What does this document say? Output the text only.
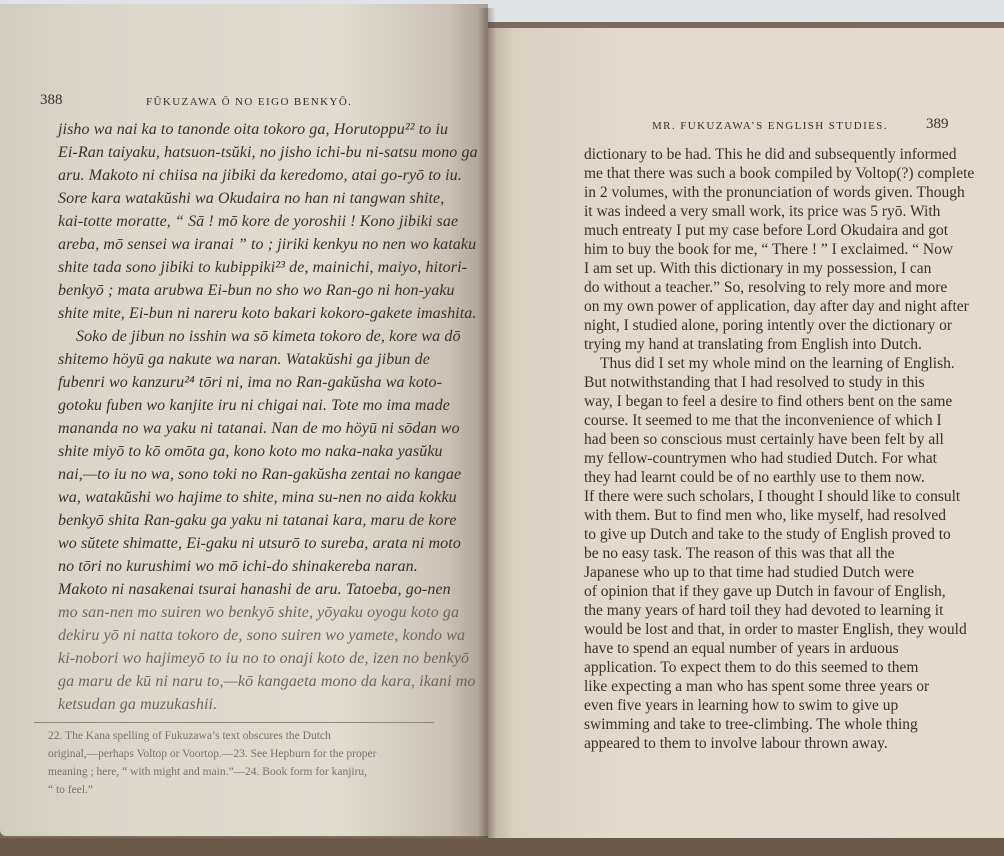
388	FŪKUZAWA Ō NO EIGO BENKYŌ.
jisho wa nai ka to tanonde oita tokoro ga, Horutoppu²² to iu
Ei-Ran taiyaku, hatsuon-tsŭki, no jisho ichi-bu ni-satsu mono ga
aru. Makoto ni chiisa na jibiki da keredomo, atai go-ryō to iu.
Sore kara watakŭshi wa Okudaira no han ni tangwan shite,
kai-totte moratte, “ Sā ! mō kore de yoroshii ! Kono jibiki sae
areba, mō sensei wa iranai ” to ; jiriki kenkyu no nen wo kataku
shite tada sono jibiki to kubippiki²³ de, mainichi, maiyo, hitori-
benkyō ; mata arubwa Ei-bun no sho wo Ran-go ni hon-yaku
shite mite, Ei-bun ni nareru koto bakari kokoro-gakete imashita.
Soko de jibun no isshin wa sō kimeta tokoro de, kore wa dō
shitemo höyū ga nakute wa naran. Watakŭshi ga jibun de
fubenri wo kanzuru²⁴ tōri ni, ima no Ran-gakŭsha wa koto-
gotoku fuben wo kanjite iru ni chigai nai. Tote mo ima made
mananda no wa yaku ni tatanai. Nan de mo höyū ni sōdan wo
shite miyō to kō omōta ga, kono koto mo naka-naka yasŭku
nai,—to iu no wa, sono toki no Ran-gakŭsha zentai no kangae
wa, watakŭshi wo hajime to shite, mina su-nen no aida kokku
benkyō shita Ran-gaku ga yaku ni tatanai kara, maru de kore
wo sŭtete shimatte, Ei-gaku ni utsurō to sureba, arata ni moto
no tōri no kurushimi wo mō ichi-do shinakereba naran.
Makoto ni nasakenai tsurai hanashi de aru. Tatoeba, go-nen
mo san-nen mo suiren wo benkyō shite, yōyaku oyogu koto ga
dekiru yō ni natta tokoro de, sono suiren wo yamete, kondo wa
ki-nobori wo hajimeyō to iu no to onaji koto de, izen no benkyō
ga maru de kū ni naru to,—kō kangaeta mono da kara, ikani mo
ketsudan ga muzukashii.
22. The Kana spelling of Fukuzawa’s text obscures the Dutch
original,—perhaps Voltop or Voortop.—23. See Hepburn for the proper
meaning ; here, “ with might and main.”—24. Book form for kanjiru,
“ to feel.”
MR. FUKUZAWA’S ENGLISH STUDIES.	389
dictionary to be had. This he did and subsequently informed
me that there was such a book compiled by Voltop(?) complete
in 2 volumes, with the pronunciation of words given. Though
it was indeed a very small work, its price was 5 ryō. With
much entreaty I put my case before Lord Okudaira and got
him to buy the book for me, “ There ! ” I exclaimed. “ Now
I am set up. With this dictionary in my possession, I can
do without a teacher.” So, resolving to rely more and more
on my own power of application, day after day and night after
night, I studied alone, poring intently over the dictionary or
trying my hand at translating from English into Dutch.
Thus did I set my whole mind on the learning of English.
But notwithstanding that I had resolved to study in this
way, I began to feel a desire to find others bent on the same
course. It seemed to me that the inconvenience of which I
had been so conscious must certainly have been felt by all
my fellow-countrymen who had studied Dutch. For what
they had learnt could be of no earthly use to them now.
If there were such scholars, I thought I should like to consult
with them. But to find men who, like myself, had resolved
to give up Dutch and take to the study of English proved to
be no easy task. The reason of this was that all the
Japanese who up to that time had studied Dutch were
of opinion that if they gave up Dutch in favour of English,
the many years of hard toil they had devoted to learning it
would be lost and that, in order to master English, they would
have to spend an equal number of years in arduous
application. To expect them to do this seemed to them
like expecting a man who has spent some three years or
even five years in learning how to swim to give up
swimming and take to tree-climbing. The whole thing
appeared to them to involve labour thrown away.
